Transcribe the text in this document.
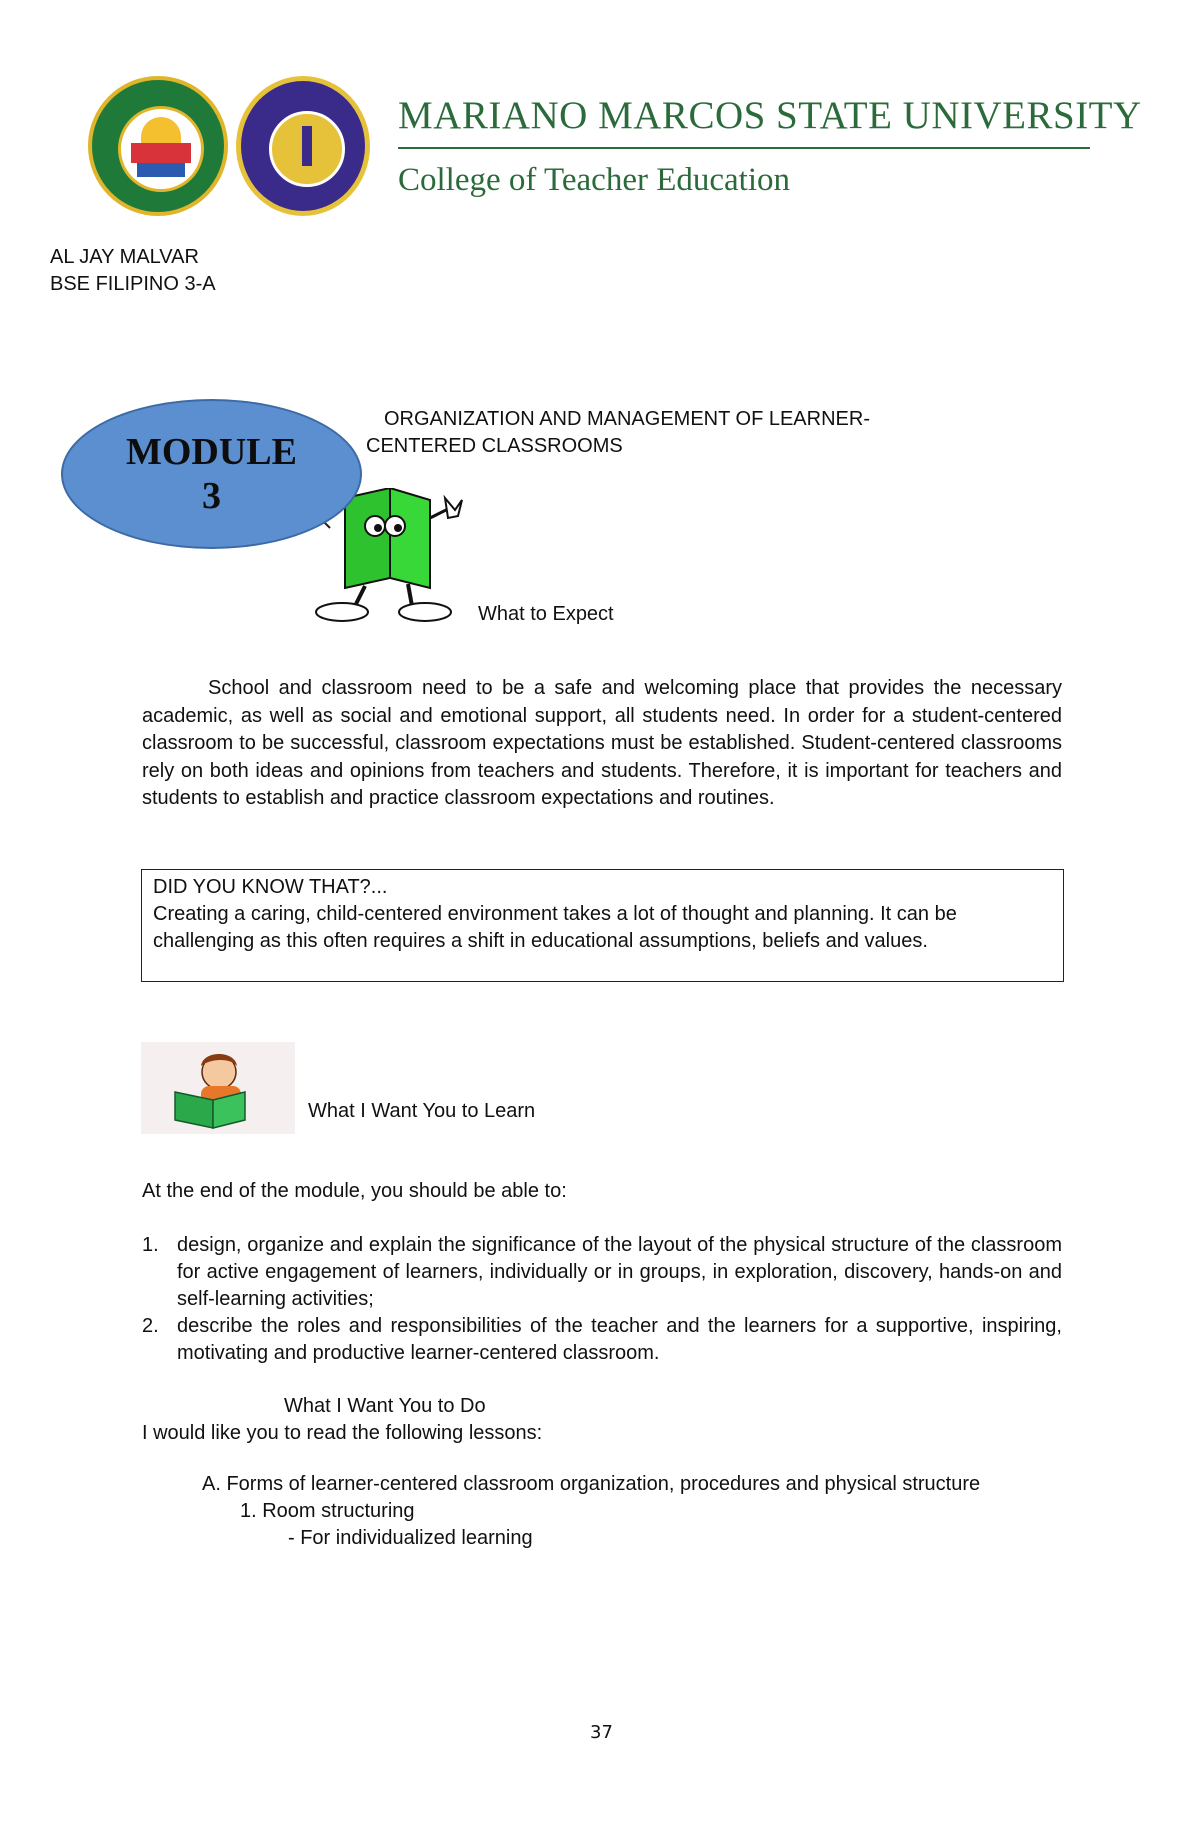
MARIANO MARCOS STATE UNIVERSITY
College of Teacher Education
AL JAY MALVAR
BSE FILIPINO 3-A
MODULE
3
ORGANIZATION AND MANAGEMENT OF LEARNER-
CENTERED CLASSROOMS
What to Expect
School and classroom need to be a safe and welcoming place that provides the necessary academic, as well as social and emotional support, all students need. In order for a student-centered classroom to be successful, classroom expectations must be established. Student-centered classrooms rely on both ideas and opinions from teachers and students. Therefore, it is important for teachers and students to establish and practice classroom expectations and routines.
DID YOU KNOW THAT?...
Creating a caring, child-centered environment takes a lot of thought and planning. It can be challenging as this often requires a shift in educational assumptions, beliefs and values.
What I Want You to Learn
At the end of the module, you should be able to:
1. design, organize and explain the significance of the layout of the physical structure of the classroom for active engagement of learners, individually or in groups, in exploration, discovery, hands-on and self-learning activities;
2. describe the roles and responsibilities of the teacher and the learners for a supportive, inspiring, motivating and productive learner-centered classroom.
What I Want You to Do
I would like you to read the following lessons:
A. Forms of learner-centered classroom organization, procedures and physical structure
1. Room structuring
- For individualized learning
37
